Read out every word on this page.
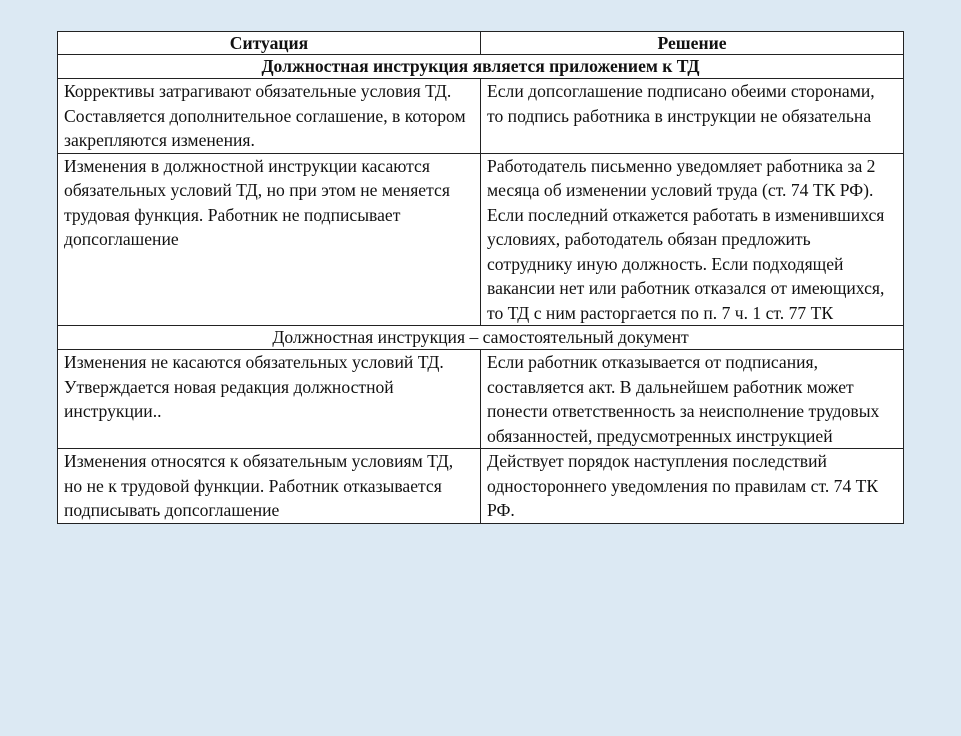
Ситуация	Решение
Должностная инструкция является приложением к ТД	
Коррективы затрагивают обязательные условия ТД. Составляется дополнительное соглашение, в котором закрепляются изменения.	Если допсоглашение подписано обеими сторонами, то подпись работника в инструкции не обязательна
Изменения в должностной инструкции касаются обязательных условий ТД, но при этом не меняется трудовая функция. Работник не подписывает допсоглашение	Работодатель письменно уведомляет работника за 2 месяца об изменении условий труда (ст. 74 ТК РФ). Если последний откажется работать в изменившихся условиях, работодатель обязан предложить сотруднику иную должность. Если подходящей вакансии нет или работник отказался от имеющихся, то ТД с ним расторгается по п. 7 ч. 1 ст. 77 ТК
Должностная инструкция – самостоятельный документ	
Изменения не касаются обязательных условий ТД. Утверждается новая редакция должностной инструкции..	Если работник отказывается от подписания, составляется акт. В дальнейшем работник может понести ответственность за неисполнение трудовых обязанностей, предусмотренных инструкцией
Изменения относятся к обязательным условиям ТД, но не к трудовой функции. Работник отказывается подписывать допсоглашение	Действует порядок наступления последствий одностороннего уведомления по правилам ст. 74 ТК РФ.
